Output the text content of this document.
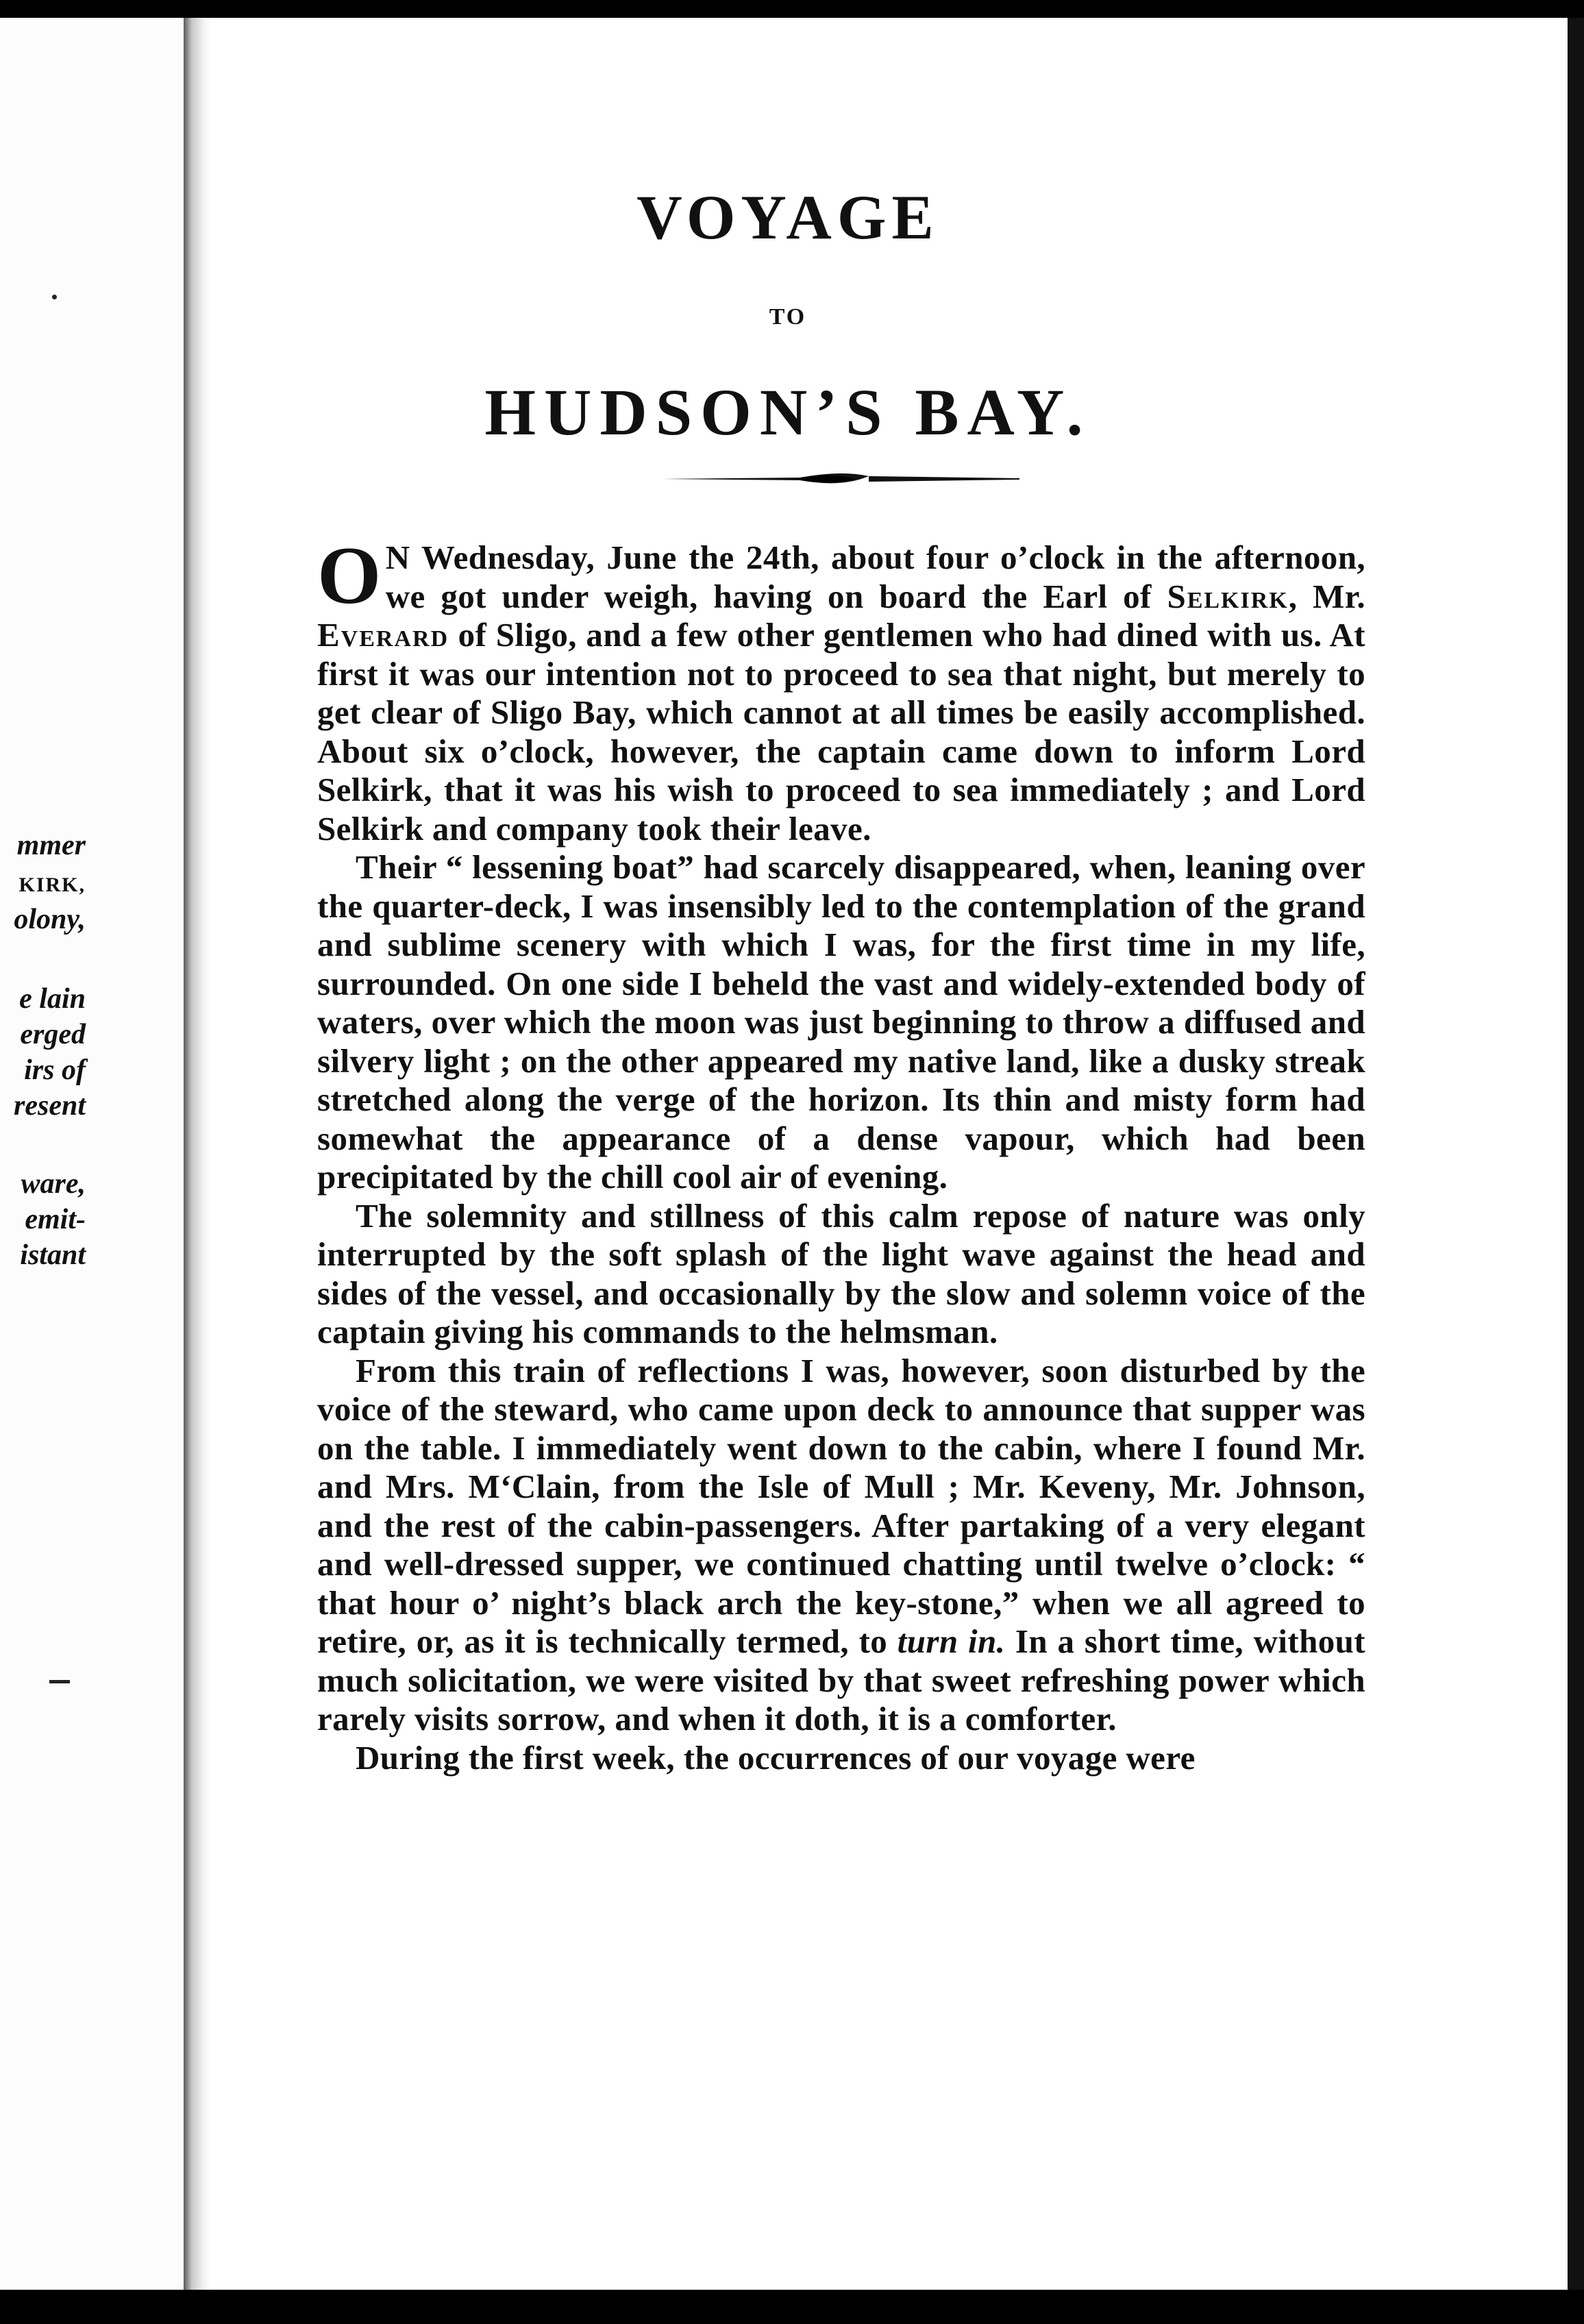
mmer
KIRK,
olony,
e lain
erged
irs of
resent
ware,
emit-
istant
VOYAGE
TO
HUDSON’S BAY.

O N Wednesday, June the 24th, about four o’clock in the afternoon, we got under weigh, having on board the Earl of Selkirk, Mr. Everard of Sligo, and a few other gentlemen who had dined with us. At first it was our intention not to proceed to sea that night, but merely to get clear of Sligo Bay, which cannot at all times be easily accomplished. About six o’clock, however, the captain came down to inform Lord Selkirk, that it was his wish to proceed to sea immediately ; and Lord Selkirk and company took their leave.

Their “ lessening boat” had scarcely disappeared, when, leaning over the quarter-deck, I was insensibly led to the contemplation of the grand and sublime scenery with which I was, for the first time in my life, surrounded. On one side I beheld the vast and widely-extended body of waters, over which the moon was just beginning to throw a diffused and silvery light ; on the other appeared my native land, like a dusky streak stretched along the verge of the horizon. Its thin and misty form had somewhat the appearance of a dense vapour, which had been precipitated by the chill cool air of evening.

The solemnity and stillness of this calm repose of nature was only interrupted by the soft splash of the light wave against the head and sides of the vessel, and occasionally by the slow and solemn voice of the captain giving his commands to the helmsman.

From this train of reflections I was, however, soon disturbed by the voice of the steward, who came upon deck to announce that supper was on the table. I immediately went down to the cabin, where I found Mr. and Mrs. M‘Clain, from the Isle of Mull ; Mr. Keveny, Mr. Johnson, and the rest of the cabin-passengers. After partaking of a very elegant and well-dressed supper, we continued chatting until twelve o’clock: “ that hour o’ night’s black arch the key-stone,” when we all agreed to retire, or, as it is technically termed, to turn in. In a short time, without much solicitation, we were visited by that sweet refreshing power which rarely visits sorrow, and when it doth, it is a comforter.

During the first week, the occurrences of our voyage were
